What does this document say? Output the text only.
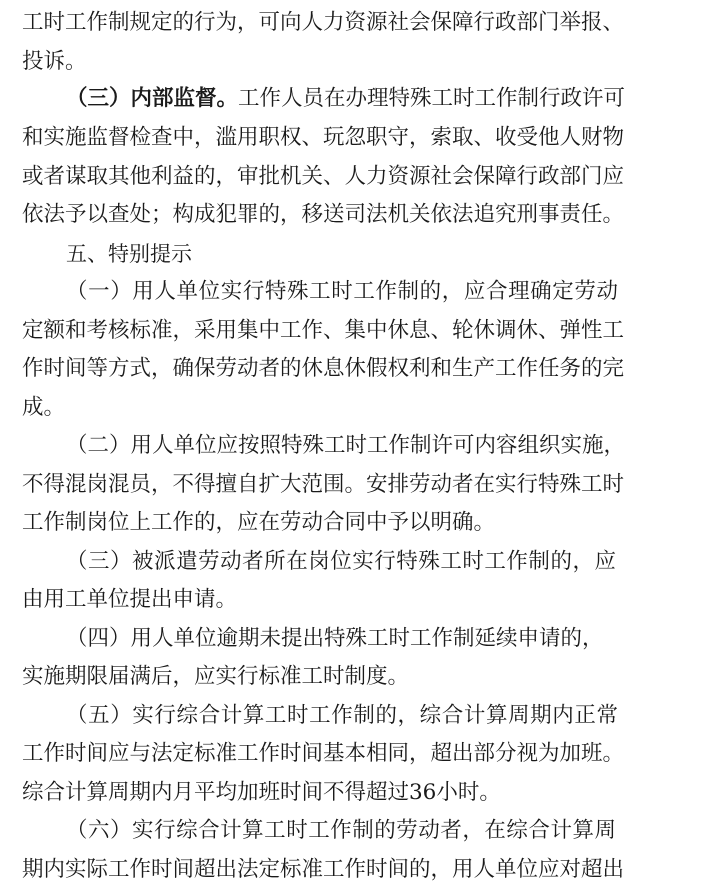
工时工作制规定的行为，可向人力资源社会保障行政部门举报、
投诉。
（三）内部监督。工作人员在办理特殊工时工作制行政许可
和实施监督检查中，滥用职权、玩忽职守，索取、收受他人财物
或者谋取其他利益的，审批机关、人力资源社会保障行政部门应
依法予以查处；构成犯罪的，移送司法机关依法追究刑事责任。
五、特别提示
（一）用人单位实行特殊工时工作制的，应合理确定劳动
定额和考核标准，采用集中工作、集中休息、轮休调休、弹性工
作时间等方式，确保劳动者的休息休假权利和生产工作任务的完
成。
（二）用人单位应按照特殊工时工作制许可内容组织实施，
不得混岗混员，不得擅自扩大范围。安排劳动者在实行特殊工时
工作制岗位上工作的，应在劳动合同中予以明确。
（三）被派遣劳动者所在岗位实行特殊工时工作制的，应
由用工单位提出申请。
（四）用人单位逾期未提出特殊工时工作制延续申请的，
实施期限届满后，应实行标准工时制度。
（五）实行综合计算工时工作制的，综合计算周期内正常
工作时间应与法定标准工作时间基本相同，超出部分视为加班。
综合计算周期内月平均加班时间不得超过36小时。
（六）实行综合计算工时工作制的劳动者，在综合计算周
期内实际工作时间超出法定标准工作时间的，用人单位应对超出
